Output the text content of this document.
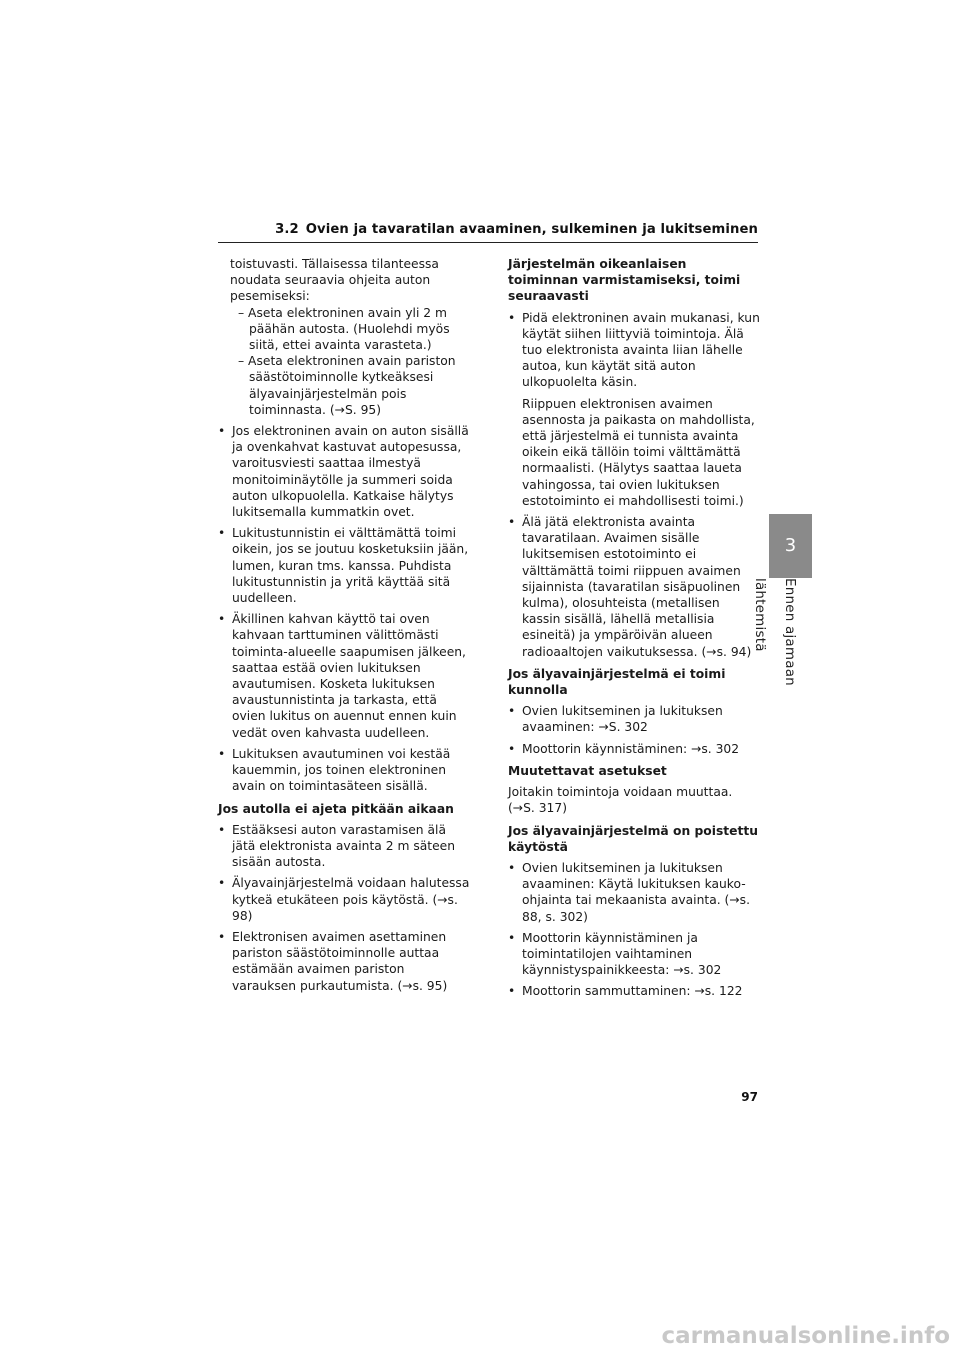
3.2 Ovien ja tavaratilan avaaminen, sulkeminen ja lukitseminen

toistuvasti. Tällaisessa tilanteessa noudata seuraavia ohjeita auton pesemiseksi:

– Aseta elektroninen avain yli 2 m päähän autosta. (Huolehdi myös siitä, ettei avainta varasteta.)

– Aseta elektroninen avain pariston säästötoiminnolle kytkeäksesi älyavainjärjestelmän pois toiminnasta. (→S. 95)

• Jos elektroninen avain on auton sisällä ja ovenkahvat kastuvat autopesussa, varoitusviesti saattaa ilmestyä monitoiminäytölle ja summeri soida auton ulkopuolella. Katkaise hälytys lukitsemalla kummatkin ovet.

• Lukitustunnistin ei välttämättä toimi oikein, jos se joutuu kosketuksiin jään, lumen, kuran tms. kanssa. Puhdista lukitustunnistin ja yritä käyttää sitä uudelleen.

• Äkillinen kahvan käyttö tai oven kahvaan tarttuminen välittömästi toiminta-alueelle saapumisen jälkeen, saattaa estää ovien lukituksen avautumisen. Kosketa lukituksen avaustunnistinta ja tarkasta, että ovien lukitus on auennut ennen kuin vedät oven kahvasta uudelleen.

• Lukituksen avautuminen voi kestää kauemmin, jos toinen elektroninen avain on toimintasäteen sisällä.

Jos autolla ei ajeta pitkään aikaan

• Estääksesi auton varastamisen älä jätä elektronista avainta 2 m säteen sisään autosta.

• Älyavainjärjestelmä voidaan halutessa kytkeä etukäteen pois käytöstä. (→s. 98)

• Elektronisen avaimen asettaminen pariston säästötoiminnolle auttaa estämään avaimen pariston varauksen purkautumista. (→s. 95)

Järjestelmän oikeanlaisen toiminnan varmistamiseksi, toimi seuraavasti

• Pidä elektroninen avain mukanasi, kun käytät siihen liittyviä toimintoja. Älä tuo elektronista avainta liian lähelle autoa, kun käytät sitä auton ulkopuolelta käsin.

Riippuen elektronisen avaimen asennosta ja paikasta on mahdollista, että järjestelmä ei tunnista avainta oikein eikä tällöin toimi välttämättä normaalisti. (Hälytys saattaa laueta vahingossa, tai ovien lukituksen estotoiminto ei mahdollisesti toimi.)

• Älä jätä elektronista avainta tavaratilaan. Avaimen sisälle lukitsemisen estotoiminto ei välttämättä toimi riippuen avaimen sijainnista (tavaratilan sisäpuolinen kulma), olosuhteista (metallisen kassin sisällä, lähellä metallisia esineitä) ja ympäröivän alueen radioaaltojen vaikutuksessa. (→s. 94)

Jos älyavainjärjestelmä ei toimi kunnolla

• Ovien lukitseminen ja lukituksen avaaminen: →S. 302

• Moottorin käynnistäminen: →s. 302

Muutettavat asetukset

Joitakin toimintoja voidaan muuttaa. (→S. 317)

Jos älyavainjärjestelmä on poistettu käytöstä

• Ovien lukitseminen ja lukituksen avaaminen: Käytä lukituksen kauko-ohjainta tai mekaanista avainta. (→s. 88, s. 302)

• Moottorin käynnistäminen ja toimintatilojen vaihtaminen käynnistyspainikkeesta: →s. 302

• Moottorin sammuttaminen: →s. 122

3
Ennen ajamaan lähtemistä
97
carmanualsonline.info
